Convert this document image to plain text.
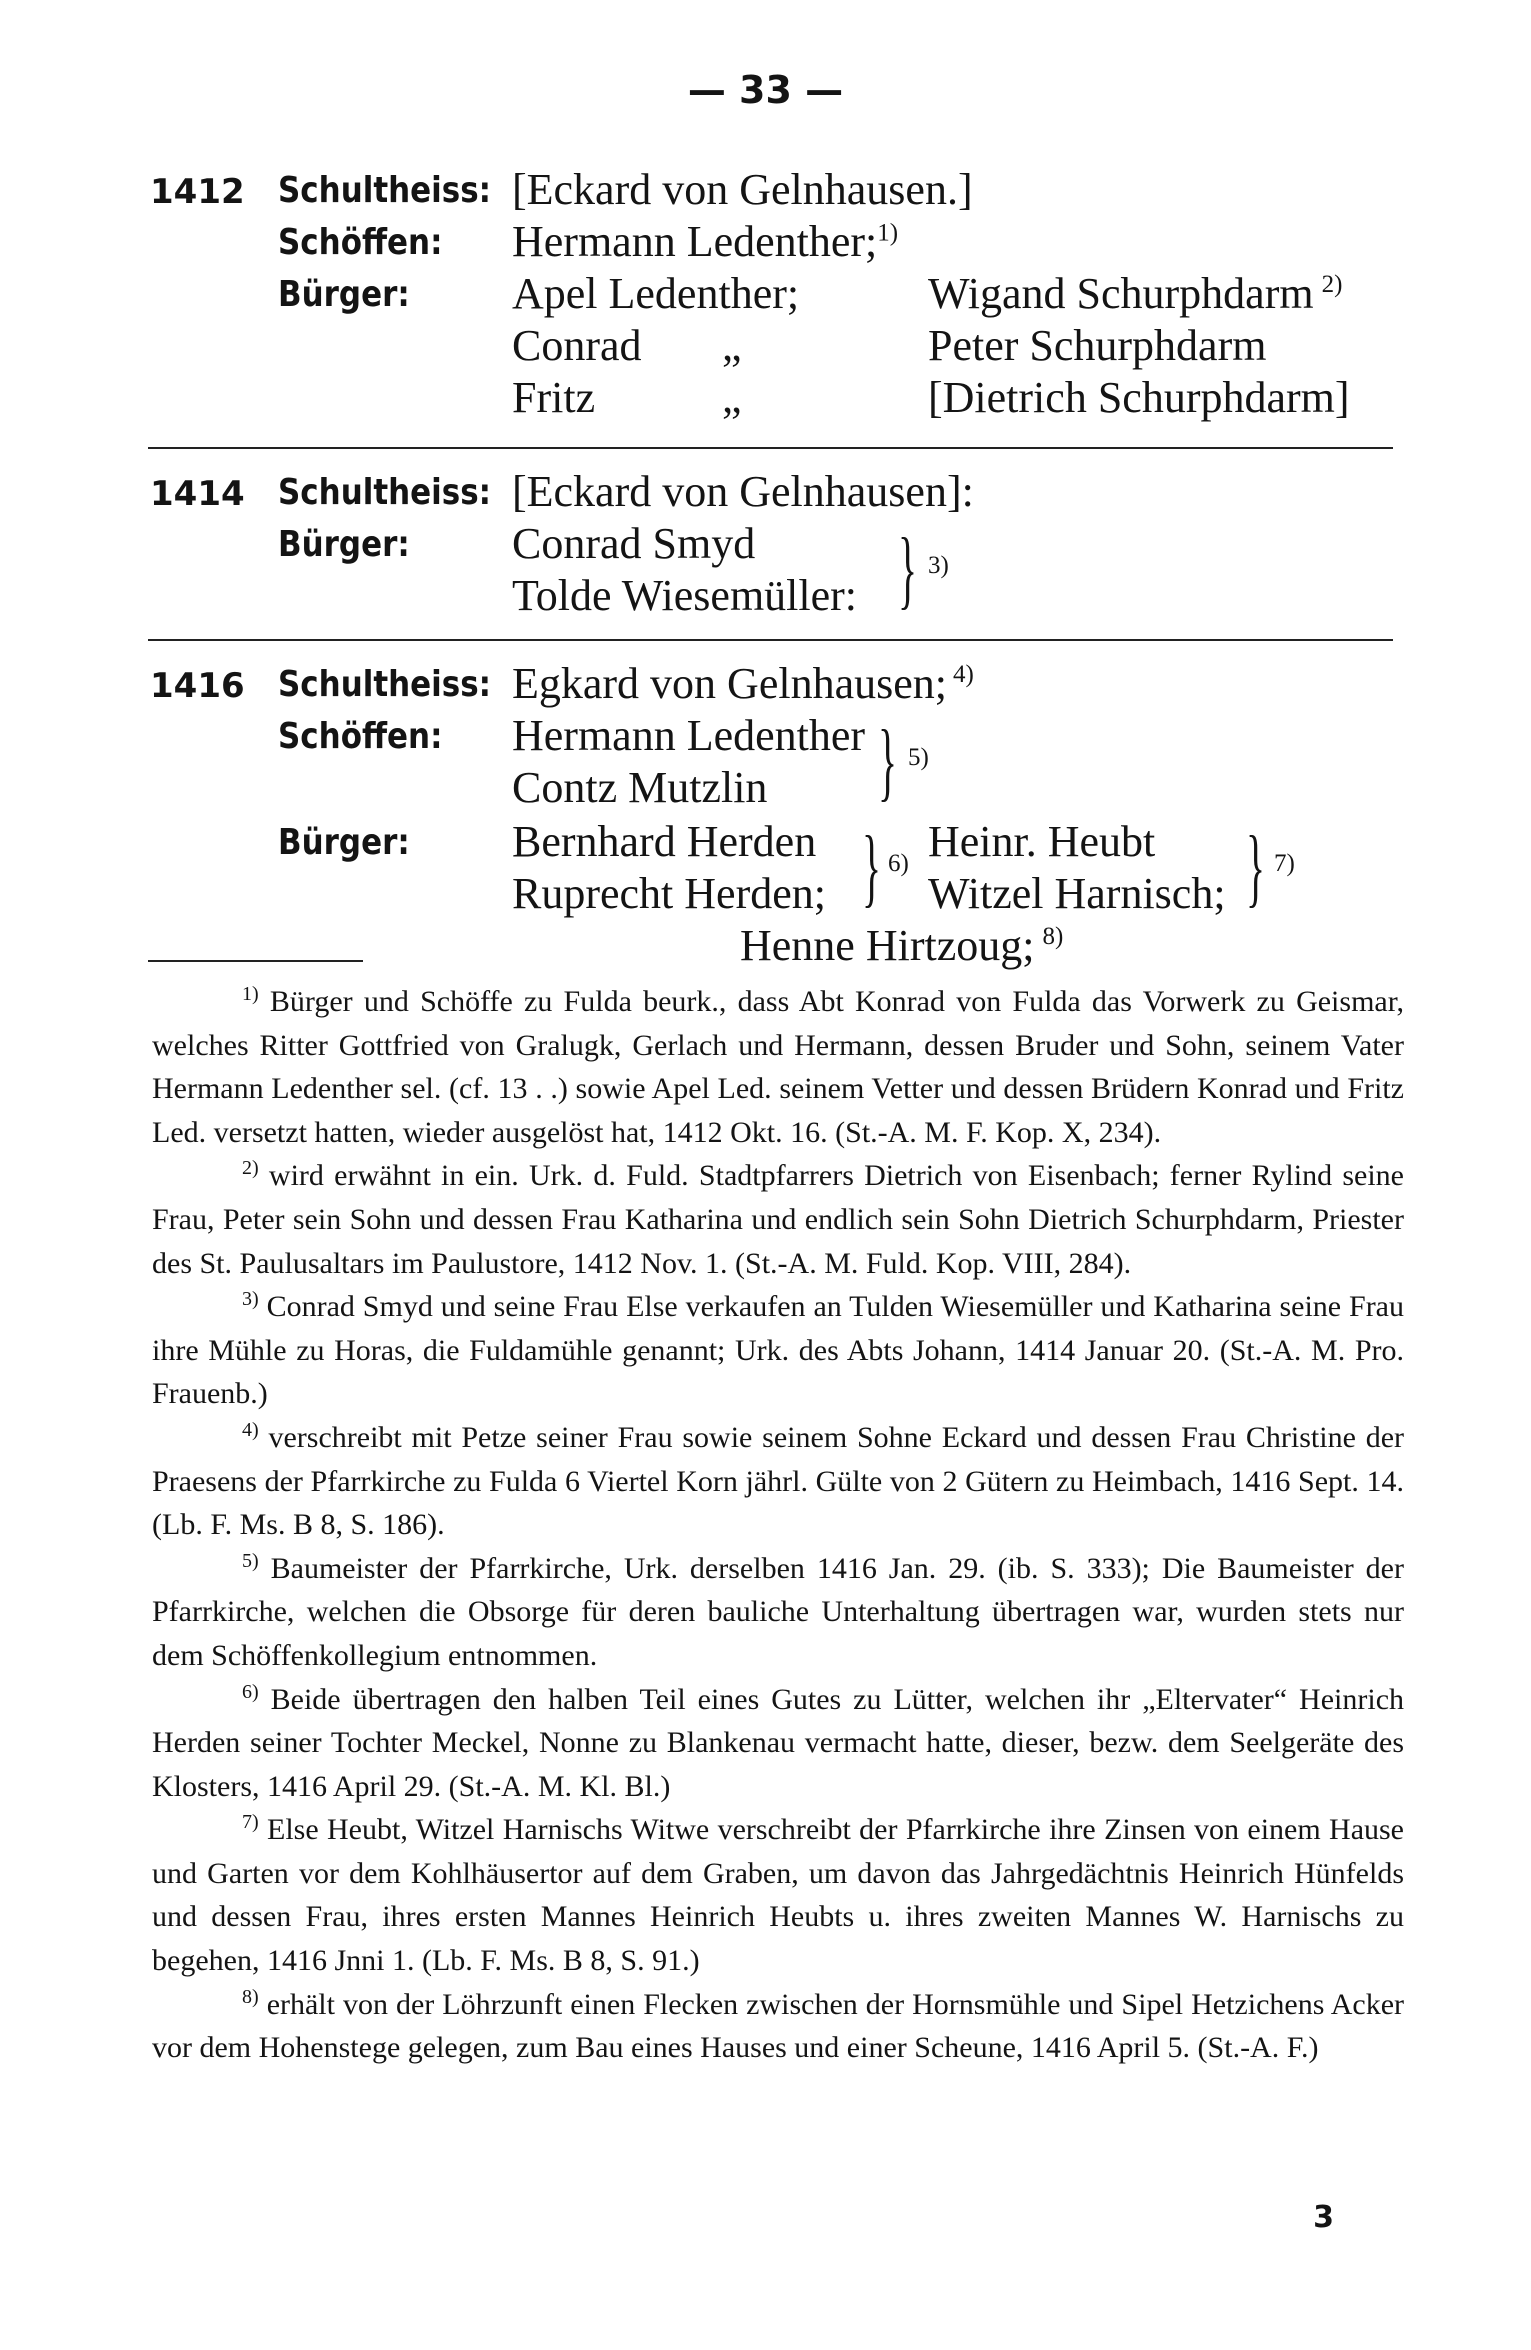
— 33 —
1412 Schultheiss: [Eckard von Gelnhausen.]
Schöffen: Hermann Ledenther;$^{1)}$
Bürger: Apel Ledenther;
Conrad
Fritz
„
„
Wigand Schurphdarm $^{2)}$
Peter Schurphdarm
[Dietrich Schurphdarm]
1414 Schultheiss: [Eckard von Gelnhausen]:
Bürger: Conrad Smyd
Tolde Wiesemüller: } 3)
1416 Schultheiss: Egkard von Gelnhausen; $^{4)}$
Schöffen: Hermann Ledenther
Contz Mutzlin } 5)
Bürger: Bernhard Herden
Ruprecht Herden; } 6) Heinr. Heubt
Witzel Harnisch; } 7)
Henne Hirtzoug; $^{8)}$

$^{1)}$ Bürger und Schöffe zu Fulda beurk., dass Abt Konrad von Fulda das Vorwerk zu Geismar, welches Ritter Gottfried von Gralugk, Gerlach und Hermann, dessen Bruder und Sohn, seinem Vater Hermann Ledenther sel. (cf. 13 . .) sowie Apel Led. seinem Vetter und dessen Brüdern Konrad und Fritz Led. versetzt hatten, wieder ausgelöst hat, 1412 Okt. 16. (St.-A. M. F. Kop. X, 234).

$^{2)}$ wird erwähnt in ein. Urk. d. Fuld. Stadtpfarrers Dietrich von Eisenbach; ferner Rylind seine Frau, Peter sein Sohn und dessen Frau Katharina und endlich sein Sohn Dietrich Schurphdarm, Priester des St. Paulusaltars im Paulustore, 1412 Nov. 1. (St.-A. M. Fuld. Kop. VIII, 284).

$^{3)}$ Conrad Smyd und seine Frau Else verkaufen an Tulden Wiesemüller und Katharina seine Frau ihre Mühle zu Horas, die Fuldamühle genannt; Urk. des Abts Johann, 1414 Januar 20. (St.-A. M. Pro. Frauenb.)

$^{4)}$ verschreibt mit Petze seiner Frau sowie seinem Sohne Eckard und dessen Frau Christine der Praesens der Pfarrkirche zu Fulda 6 Viertel Korn jährl. Gülte von 2 Gütern zu Heimbach, 1416 Sept. 14. (Lb. F. Ms. B 8, S. 186).

$^{5)}$ Baumeister der Pfarrkirche, Urk. derselben 1416 Jan. 29. (ib. S. 333); Die Baumeister der Pfarrkirche, welchen die Obsorge für deren bauliche Unterhaltung übertragen war, wurden stets nur dem Schöffenkollegium entnommen.

$^{6)}$ Beide übertragen den halben Teil eines Gutes zu Lütter, welchen ihr „Eltervater“ Heinrich Herden seiner Tochter Meckel, Nonne zu Blankenau vermacht hatte, dieser, bezw. dem Seelgeräte des Klosters, 1416 April 29. (St.-A. M. Kl. Bl.)

$^{7)}$ Else Heubt, Witzel Harnischs Witwe verschreibt der Pfarrkirche ihre Zinsen von einem Hause und Garten vor dem Kohlhäusertor auf dem Graben, um davon das Jahrgedächtnis Heinrich Hünfelds und dessen Frau, ihres ersten Mannes Heinrich Heubts u. ihres zweiten Mannes W. Harnischs zu begehen, 1416 Jnni 1. (Lb. F. Ms. B 8, S. 91.)

$^{8)}$ erhält von der Löhrzunft einen Flecken zwischen der Hornsmühle und Sipel Hetzichens Acker vor dem Hohenstege gelegen, zum Bau eines Hauses und einer Scheune, 1416 April 5. (St.-A. F.)

3
